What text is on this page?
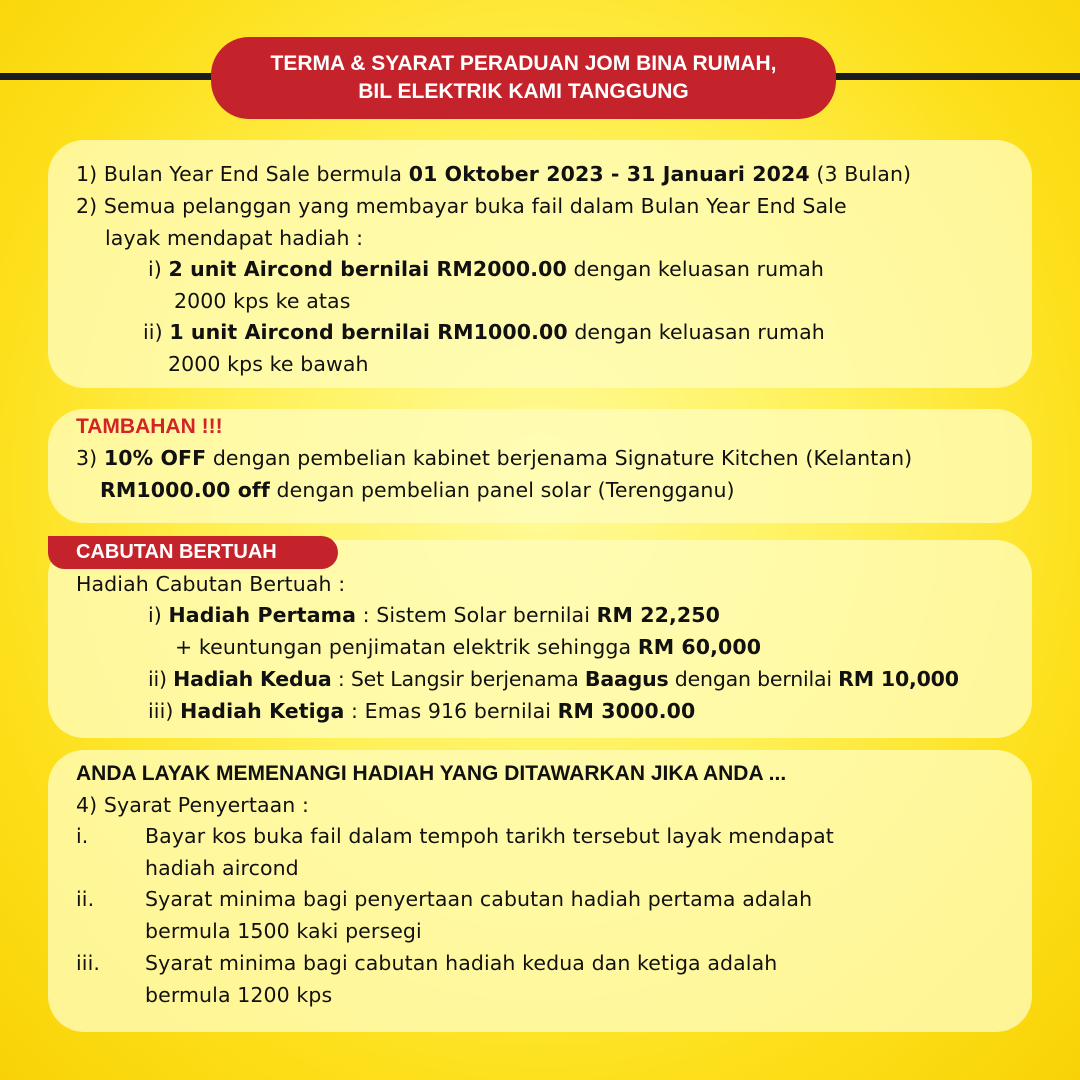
TERMA & SYARAT PERADUAN JOM BINA RUMAH,
BIL ELEKTRIK KAMI TANGGUNG
1) Bulan Year End Sale bermula 01 Oktober 2023 - 31 Januari 2024 (3 Bulan)
2) Semua pelanggan yang membayar buka fail dalam Bulan Year End Sale
layak mendapat hadiah :
i) 2 unit Aircond bernilai RM2000.00 dengan keluasan rumah
2000 kps ke atas
ii) 1 unit Aircond bernilai RM1000.00 dengan keluasan rumah
2000 kps ke bawah
TAMBAHAN !!!
3) 10% OFF dengan pembelian kabinet berjenama Signature Kitchen (Kelantan)
RM1000.00 off dengan pembelian panel solar (Terengganu)
CABUTAN BERTUAH
Hadiah Cabutan Bertuah :
i) Hadiah Pertama : Sistem Solar bernilai RM 22,250
+ keuntungan penjimatan elektrik sehingga RM 60,000
ii) Hadiah Kedua : Set Langsir berjenama Baagus dengan bernilai RM 10,000
iii) Hadiah Ketiga : Emas 916 bernilai RM 3000.00
ANDA LAYAK MEMENANGI HADIAH YANG DITAWARKAN JIKA ANDA ...
4) Syarat Penyertaan :
i.	Bayar kos buka fail dalam tempoh tarikh tersebut layak mendapat
hadiah aircond
ii. Syarat minima bagi penyertaan cabutan hadiah pertama adalah
bermula 1500 kaki persegi
iii. Syarat minima bagi cabutan hadiah kedua dan ketiga adalah
bermula 1200 kps
